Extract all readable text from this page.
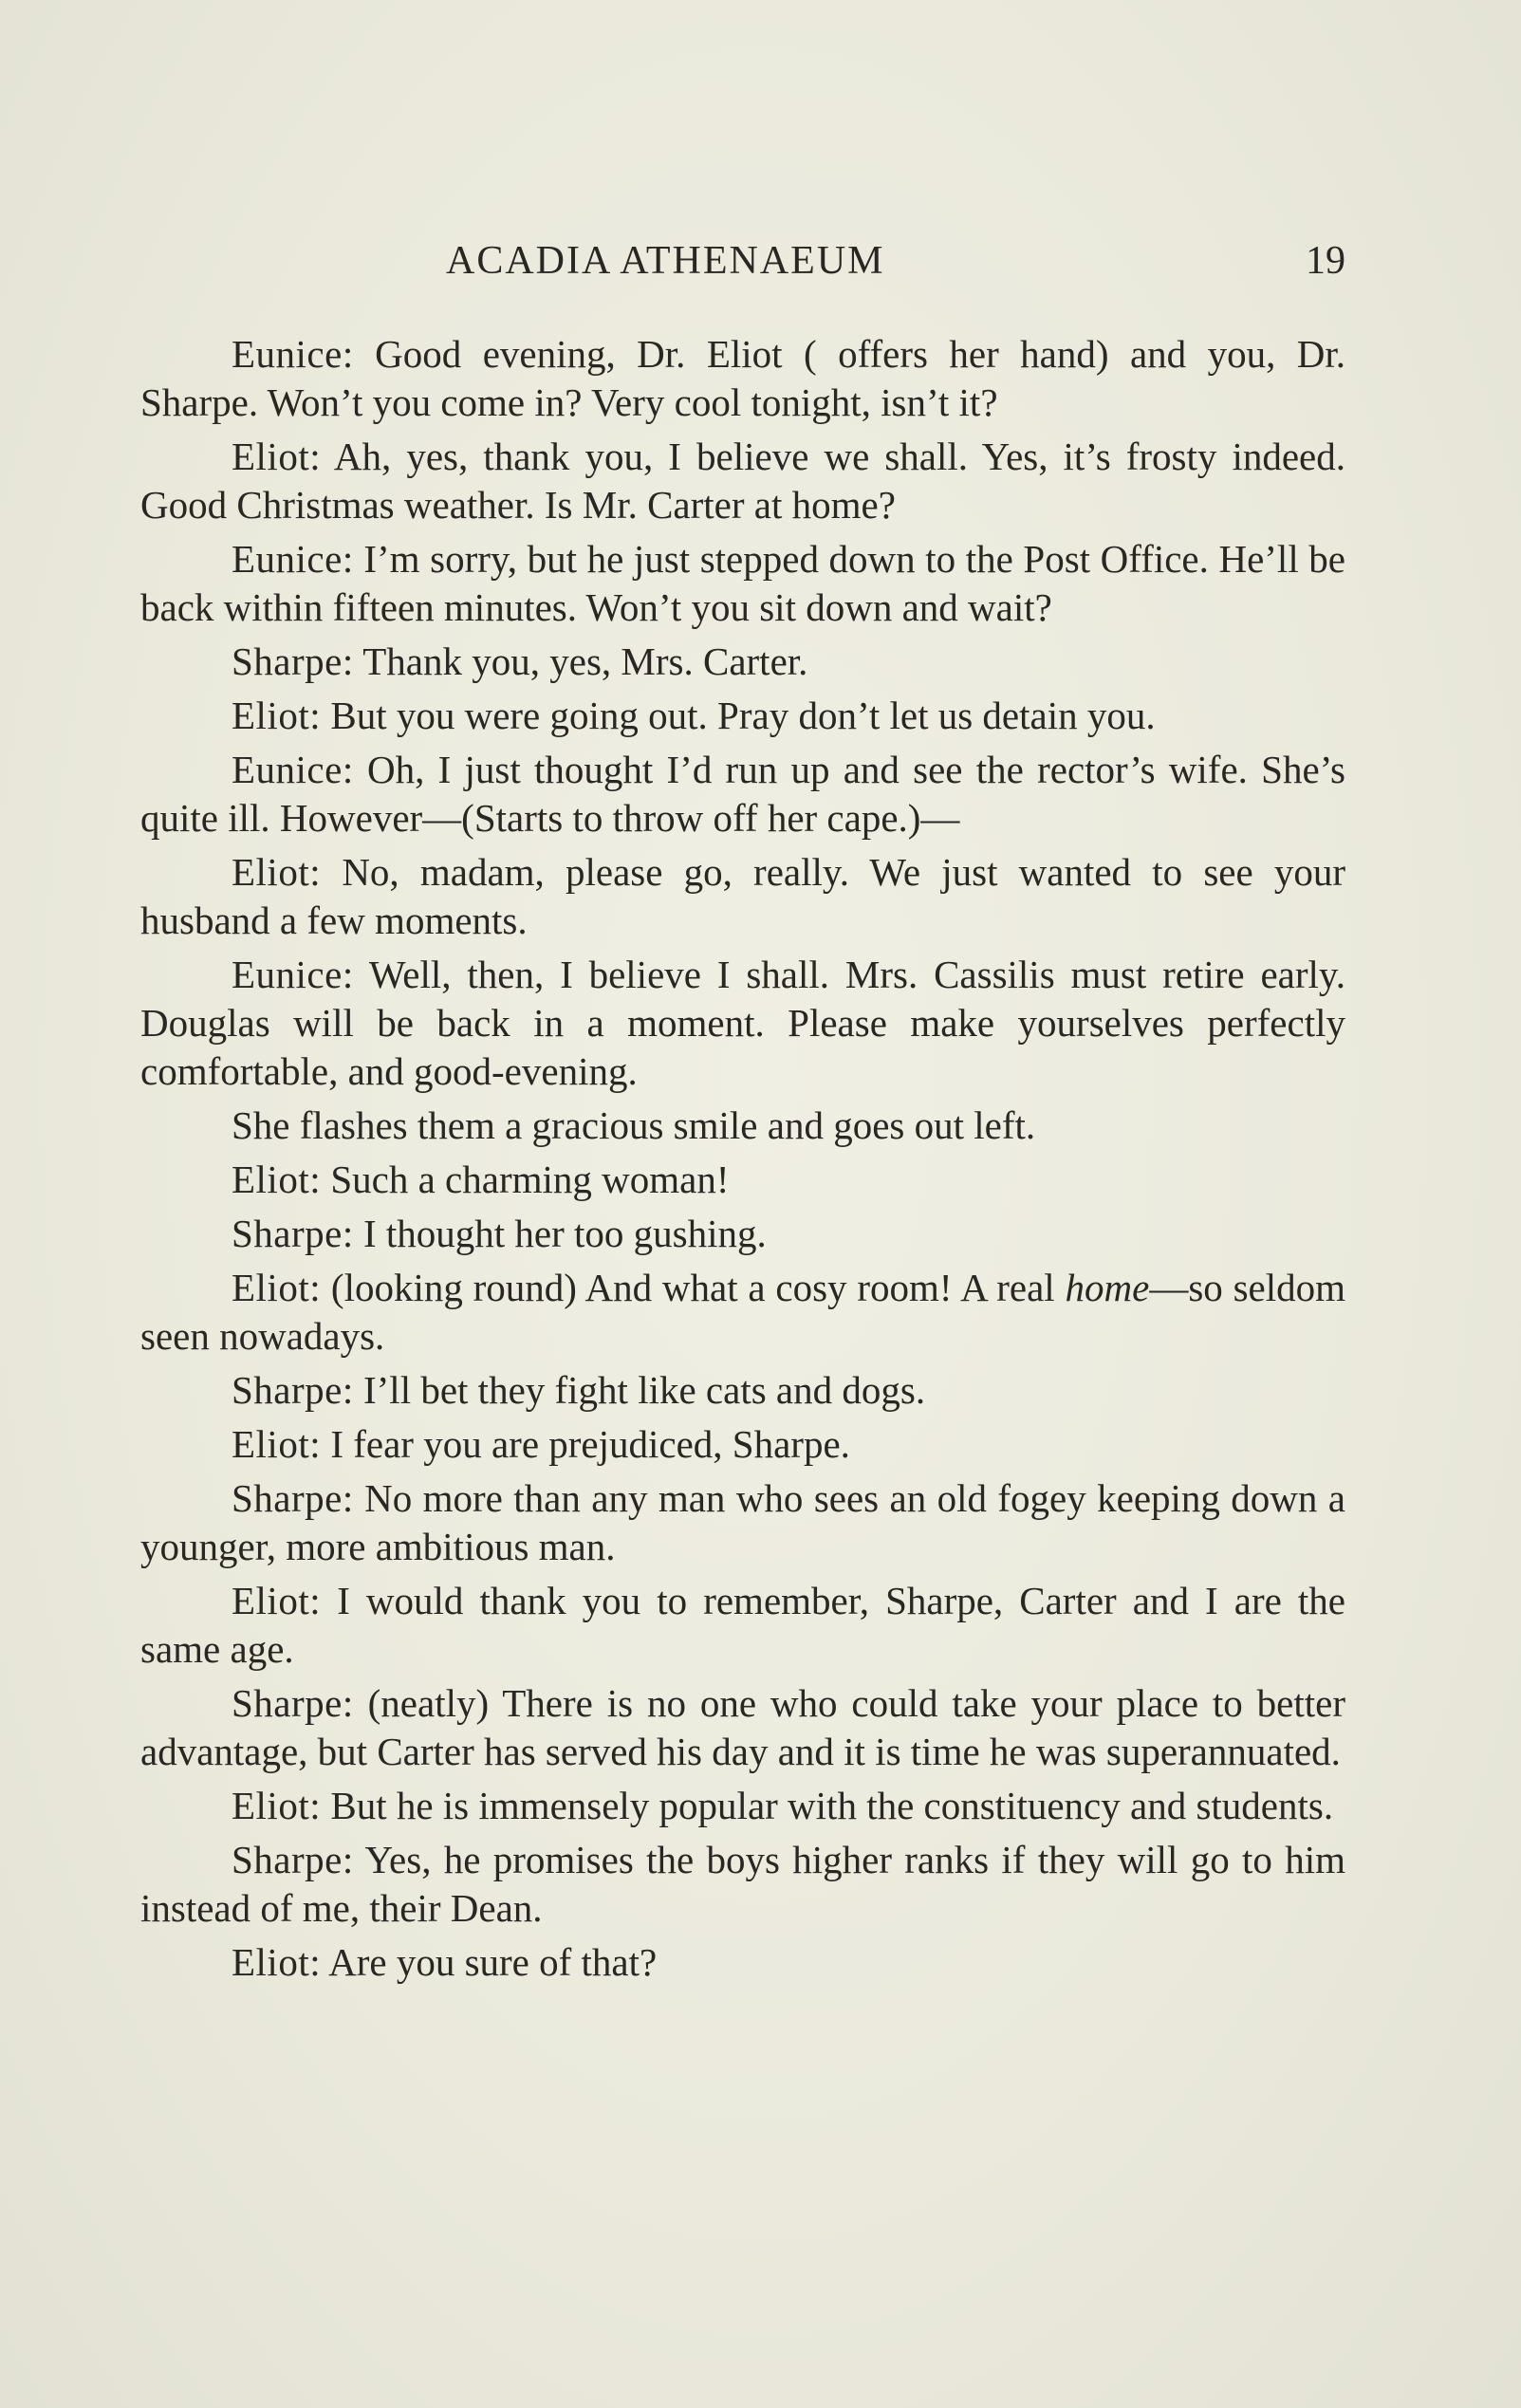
ACADIA ATHENAEUM	19

Eunice: Good evening, Dr. Eliot ( offers her hand) and you, Dr. Sharpe. Won’t you come in? Very cool tonight, isn’t it?

Eliot: Ah, yes, thank you, I believe we shall. Yes, it’s frosty indeed. Good Christmas weather. Is Mr. Carter at home?

Eunice: I’m sorry, but he just stepped down to the Post Office. He’ll be back within fifteen minutes. Won’t you sit down and wait?

Sharpe: Thank you, yes, Mrs. Carter.

Eliot: But you were going out. Pray don’t let us detain you.

Eunice: Oh, I just thought I’d run up and see the rector’s wife. She’s quite ill. However—(Starts to throw off her cape.)—

Eliot: No, madam, please go, really. We just wanted to see your husband a few moments.

Eunice: Well, then, I believe I shall. Mrs. Cassilis must retire early. Douglas will be back in a moment. Please make yourselves perfectly comfortable, and good-evening.

She flashes them a gracious smile and goes out left.

Eliot: Such a charming woman!

Sharpe: I thought her too gushing.

Eliot: (looking round) And what a cosy room! A real home—so seldom seen nowadays.

Sharpe: I’ll bet they fight like cats and dogs.

Eliot: I fear you are prejudiced, Sharpe.

Sharpe: No more than any man who sees an old fogey keeping down a younger, more ambitious man.

Eliot: I would thank you to remember, Sharpe, Carter and I are the same age.

Sharpe: (neatly) There is no one who could take your place to better advantage, but Carter has served his day and it is time he was superannuated.

Eliot: But he is immensely popular with the constituency and students.

Sharpe: Yes, he promises the boys higher ranks if they will go to him instead of me, their Dean.

Eliot: Are you sure of that?
